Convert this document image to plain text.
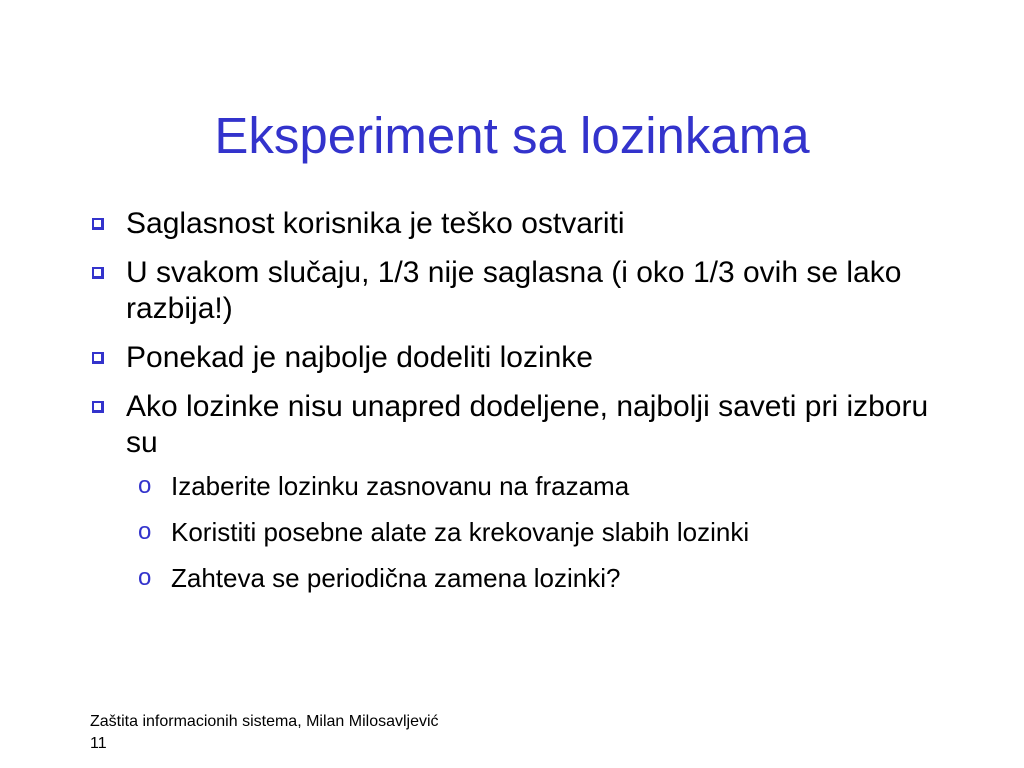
Eksperiment sa lozinkama
Saglasnost korisnika je teško ostvariti
U svakom slučaju, 1/3 nije saglasna (i oko 1/3 ovih se lako razbija!)
Ponekad je najbolje dodeliti lozinke
Ako lozinke nisu unapred dodeljene, najbolji saveti pri izboru su
o Izaberite lozinku zasnovanu na frazama
o Koristiti posebne alate za krekovanje slabih lozinki
o Zahteva se periodična zamena lozinki?
Zaštita informacionih sistema, Milan Milosavljević
11
